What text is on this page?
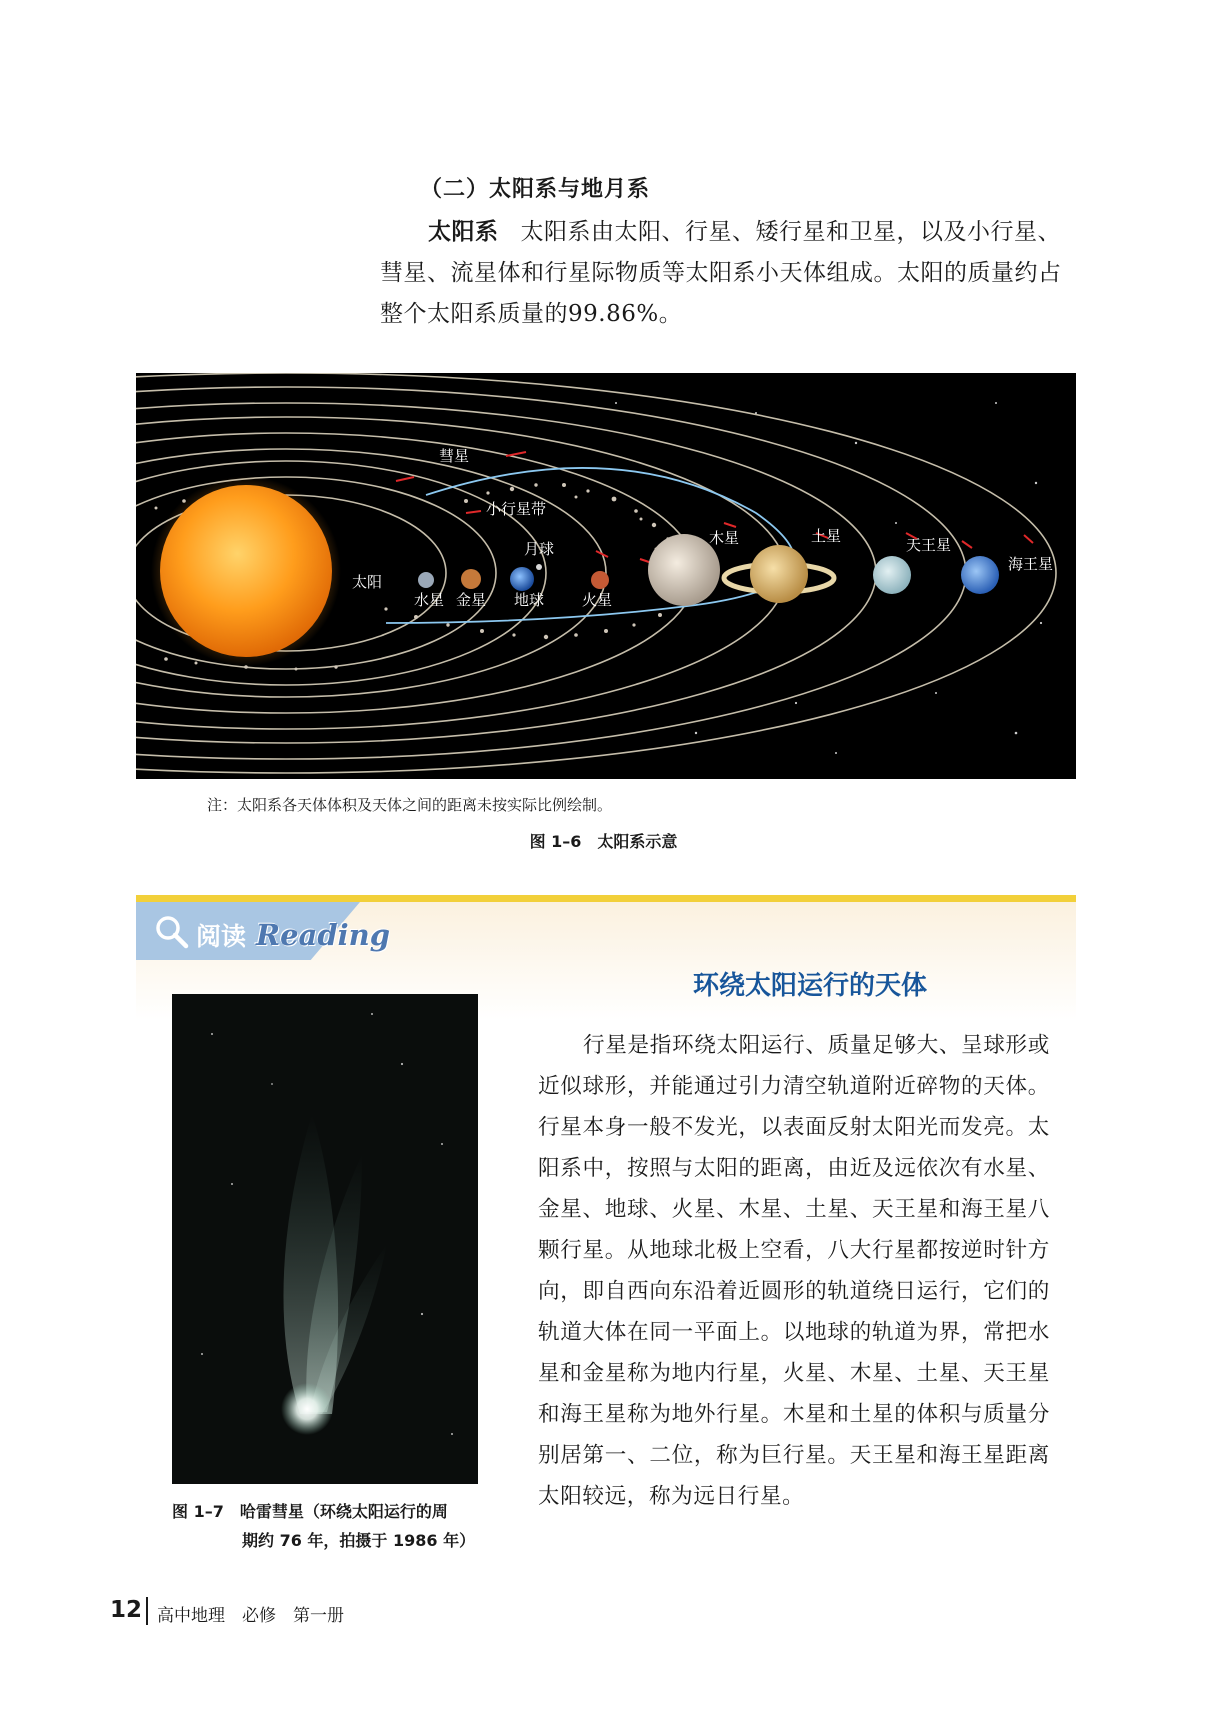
（二）太阳系与地月系

太阳系 太阳系由太阳、行星、矮行星和卫星，以及小行星、彗星、流星体和行星际物质等太阳系小天体组成。太阳的质量约占整个太阳系质量的99.86%。

彗星
小行星带
月球
太阳
水星 金星 地球	火星
木星	土星	天王星
海王星

注：太阳系各天体体积及天体之间的距离未按实际比例绘制。

图 1–6　太阳系示意

阅读 Reading

环绕太阳运行的天体

图 1–7　哈雷彗星（环绕太阳运行的周
期约 76 年，拍摄于 1986 年）

行星是指环绕太阳运行、质量足够大、呈球形或近似球形，并能通过引力清空轨道附近碎物的天体。行星本身一般不发光，以表面反射太阳光而发亮。太阳系中，按照与太阳的距离，由近及远依次有水星、金星、地球、火星、木星、土星、天王星和海王星八颗行星。从地球北极上空看，八大行星都按逆时针方向，即自西向东沿着近圆形的轨道绕日运行，它们的轨道大体在同一平面上。以地球的轨道为界，常把水星和金星称为地内行星，火星、木星、土星、天王星和海王星称为地外行星。木星和土星的体积与质量分别居第一、二位，称为巨行星。天王星和海王星距离太阳较远，称为远日行星。

12 高中地理　必修　第一册
